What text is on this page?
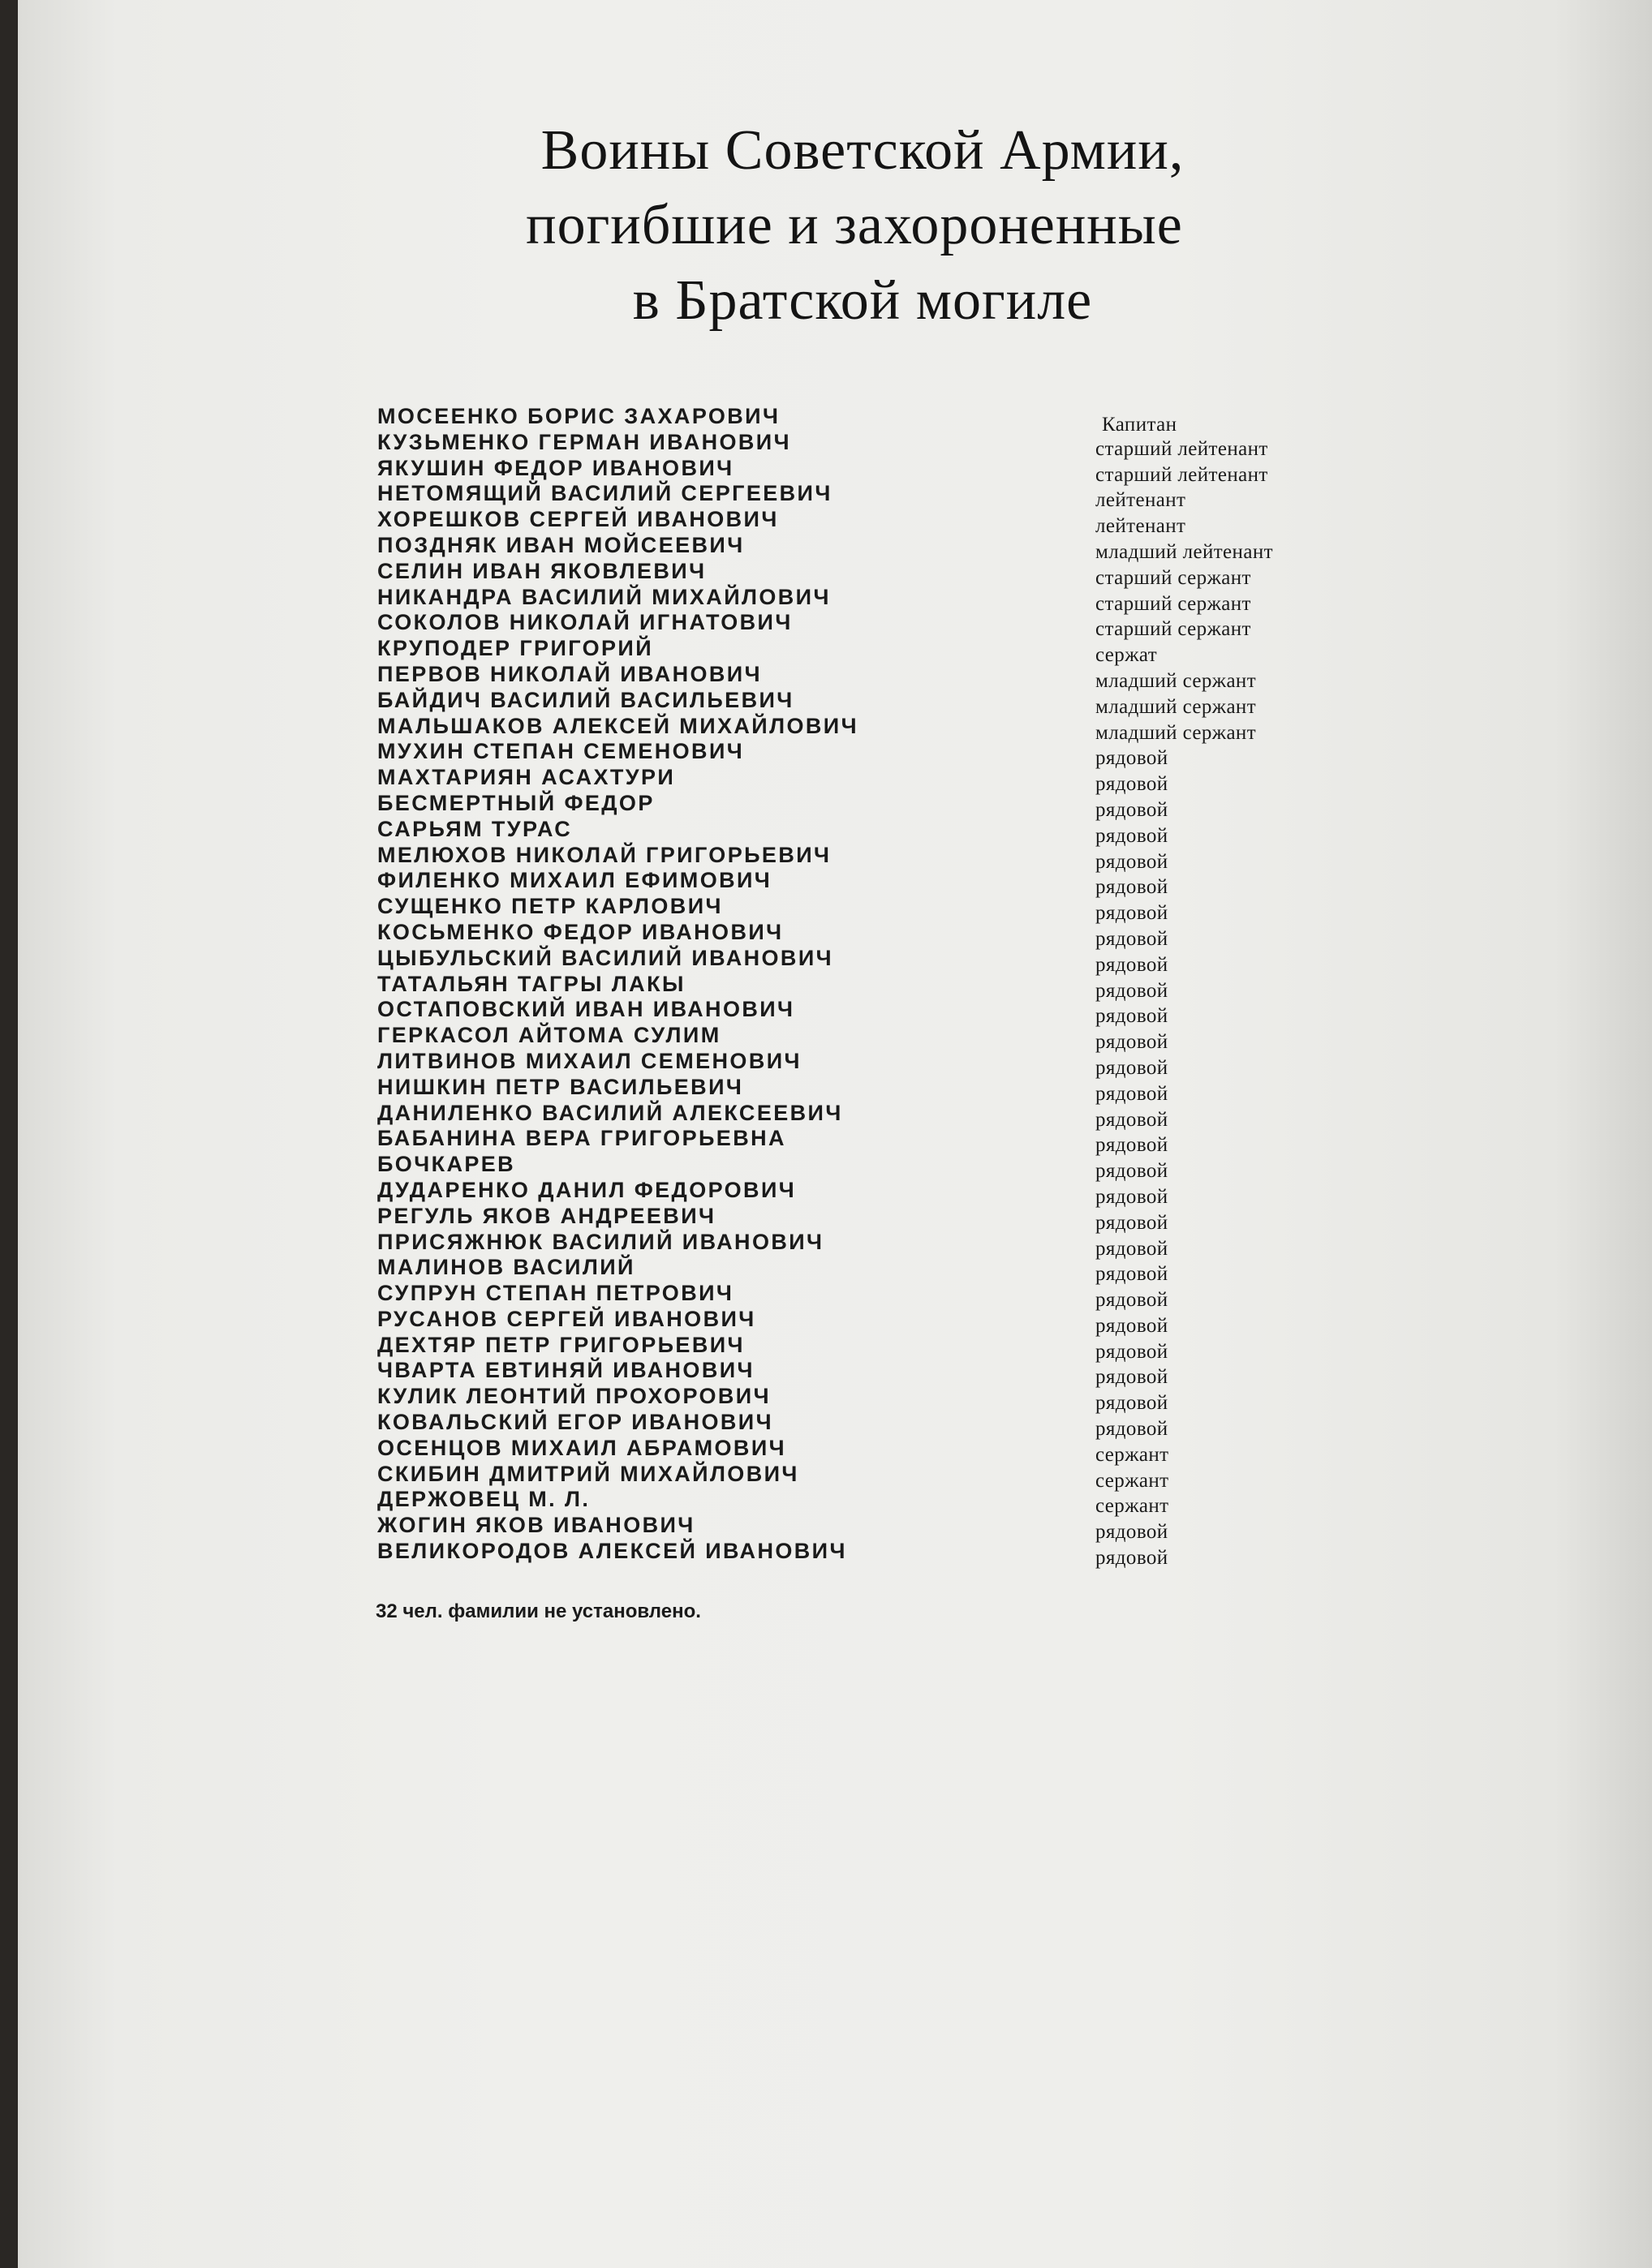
Воины Советской Армии,
погибшие и захороненные
в Братской могиле
МОСЕЕНКО БОРИС ЗАХАРОВИЧ	Капитан
КУЗЬМЕНКО ГЕРМАН ИВАНОВИЧ	старший лейтенант
ЯКУШИН ФЕДОР ИВАНОВИЧ	старший лейтенант
НЕТОМЯЩИЙ ВАСИЛИЙ СЕРГЕЕВИЧ	лейтенант
ХОРЕШКОВ СЕРГЕЙ ИВАНОВИЧ	лейтенант
ПОЗДНЯК ИВАН МОЙСЕЕВИЧ	младший лейтенант
СЕЛИН ИВАН ЯКОВЛЕВИЧ	старший сержант
НИКАНДРА ВАСИЛИЙ МИХАЙЛОВИЧ	старший сержант
СОКОЛОВ НИКОЛАЙ ИГНАТОВИЧ	старший сержант
КРУПОДЕР ГРИГОРИЙ	сержат
ПЕРВОВ НИКОЛАЙ ИВАНОВИЧ	младший сержант
БАЙДИЧ ВАСИЛИЙ ВАСИЛЬЕВИЧ	младший сержант
МАЛЬШАКОВ АЛЕКСЕЙ МИХАЙЛОВИЧ	младший сержант
МУХИН СТЕПАН СЕМЕНОВИЧ	рядовой
МАХТАРИЯН АСАХТУРИ	рядовой
БЕСМЕРТНЫЙ ФЕДОР	рядовой
САРЬЯМ ТУРАС	рядовой
МЕЛЮХОВ НИКОЛАЙ ГРИГОРЬЕВИЧ	рядовой
ФИЛЕНКО МИХАИЛ ЕФИМОВИЧ	рядовой
СУЩЕНКО ПЕТР КАРЛОВИЧ	рядовой
КОСЬМЕНКО ФЕДОР ИВАНОВИЧ	рядовой
ЦЫБУЛЬСКИЙ ВАСИЛИЙ ИВАНОВИЧ	рядовой
ТАТАЛЬЯН ТАГРЫ ЛАКЫ	рядовой
ОСТАПОВСКИЙ ИВАН ИВАНОВИЧ	рядовой
ГЕРКАСОЛ АЙТОМА СУЛИМ	рядовой
ЛИТВИНОВ МИХАИЛ СЕМЕНОВИЧ	рядовой
НИШКИН ПЕТР ВАСИЛЬЕВИЧ	рядовой
ДАНИЛЕНКО ВАСИЛИЙ АЛЕКСЕЕВИЧ	рядовой
БАБАНИНА ВЕРА ГРИГОРЬЕВНА	рядовой
БОЧКАРЕВ	рядовой
ДУДАРЕНКО ДАНИЛ ФЕДОРОВИЧ	рядовой
РЕГУЛЬ ЯКОВ АНДРЕЕВИЧ	рядовой
ПРИСЯЖНЮК ВАСИЛИЙ ИВАНОВИЧ	рядовой
МАЛИНОВ ВАСИЛИЙ	рядовой
СУПРУН СТЕПАН ПЕТРОВИЧ	рядовой
РУСАНОВ СЕРГЕЙ ИВАНОВИЧ	рядовой
ДЕХТЯР ПЕТР ГРИГОРЬЕВИЧ	рядовой
ЧВАРТА ЕВТИНЯЙ ИВАНОВИЧ	рядовой
КУЛИК ЛЕОНТИЙ ПРОХОРОВИЧ	рядовой
КОВАЛЬСКИЙ ЕГОР ИВАНОВИЧ	рядовой
ОСЕНЦОВ МИХАИЛ АБРАМОВИЧ	сержант
СКИБИН ДМИТРИЙ МИХАЙЛОВИЧ	сержант
ДЕРЖОВЕЦ М. Л.	сержант
ЖОГИН ЯКОВ ИВАНОВИЧ	рядовой
ВЕЛИКОРОДОВ АЛЕКСЕЙ ИВАНОВИЧ	рядовой
32 чел. фамилии не установлено.
